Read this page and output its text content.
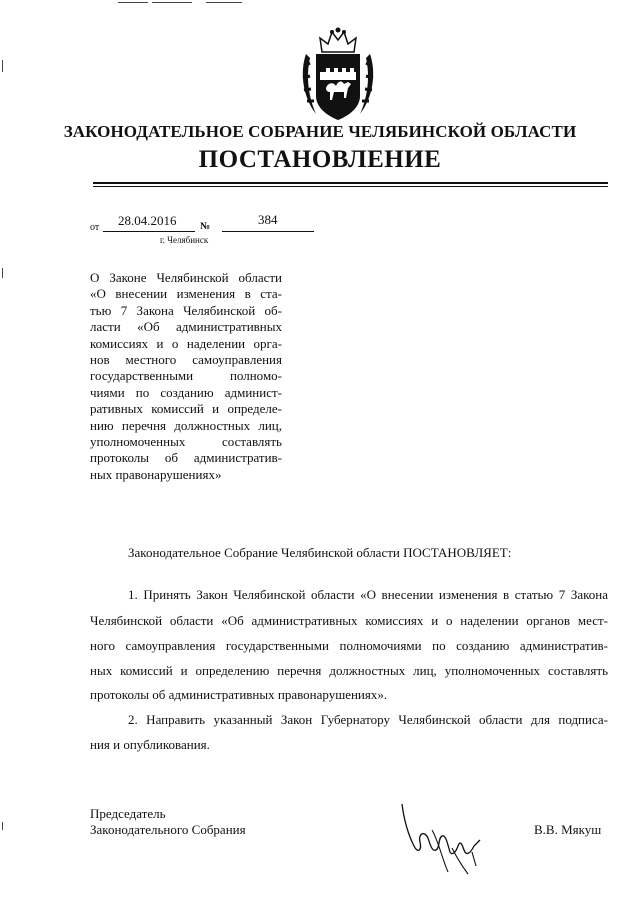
ЗАКОНОДАТЕЛЬНОЕ СОБРАНИЕ ЧЕЛЯБИНСКОЙ ОБЛАСТИ
ПОСТАНОВЛЕНИЕ
от 28.04.2016 №	384
г. Челябинск
О Законе Челябинской области
«О внесении изменения в ста-
тью 7 Закона Челябинской об-
ласти «Об административных
комиссиях и о наделении орга-
нов местного самоуправления
государственными полномо-
чиями по созданию админист-
ративных комиссий и определе-
нию перечня должностных лиц,
уполномоченных составлять
протоколы об административ-
ных правонарушениях»
Законодательное Собрание Челябинской области ПОСТАНОВЛЯЕТ:
1. Принять Закон Челябинской области «О внесении изменения в статью 7 Закона
Челябинской области «Об административных комиссиях и о наделении органов мест-
ного самоуправления государственными полномочиями по созданию административ-
ных комиссий и определению перечня должностных лиц, уполномоченных составлять
протоколы об административных правонарушениях».
2. Направить указанный Закон Губернатору Челябинской области для подписа-
ния и опубликования.
Председатель
Законодательного Собрания	В.В. Мякуш
